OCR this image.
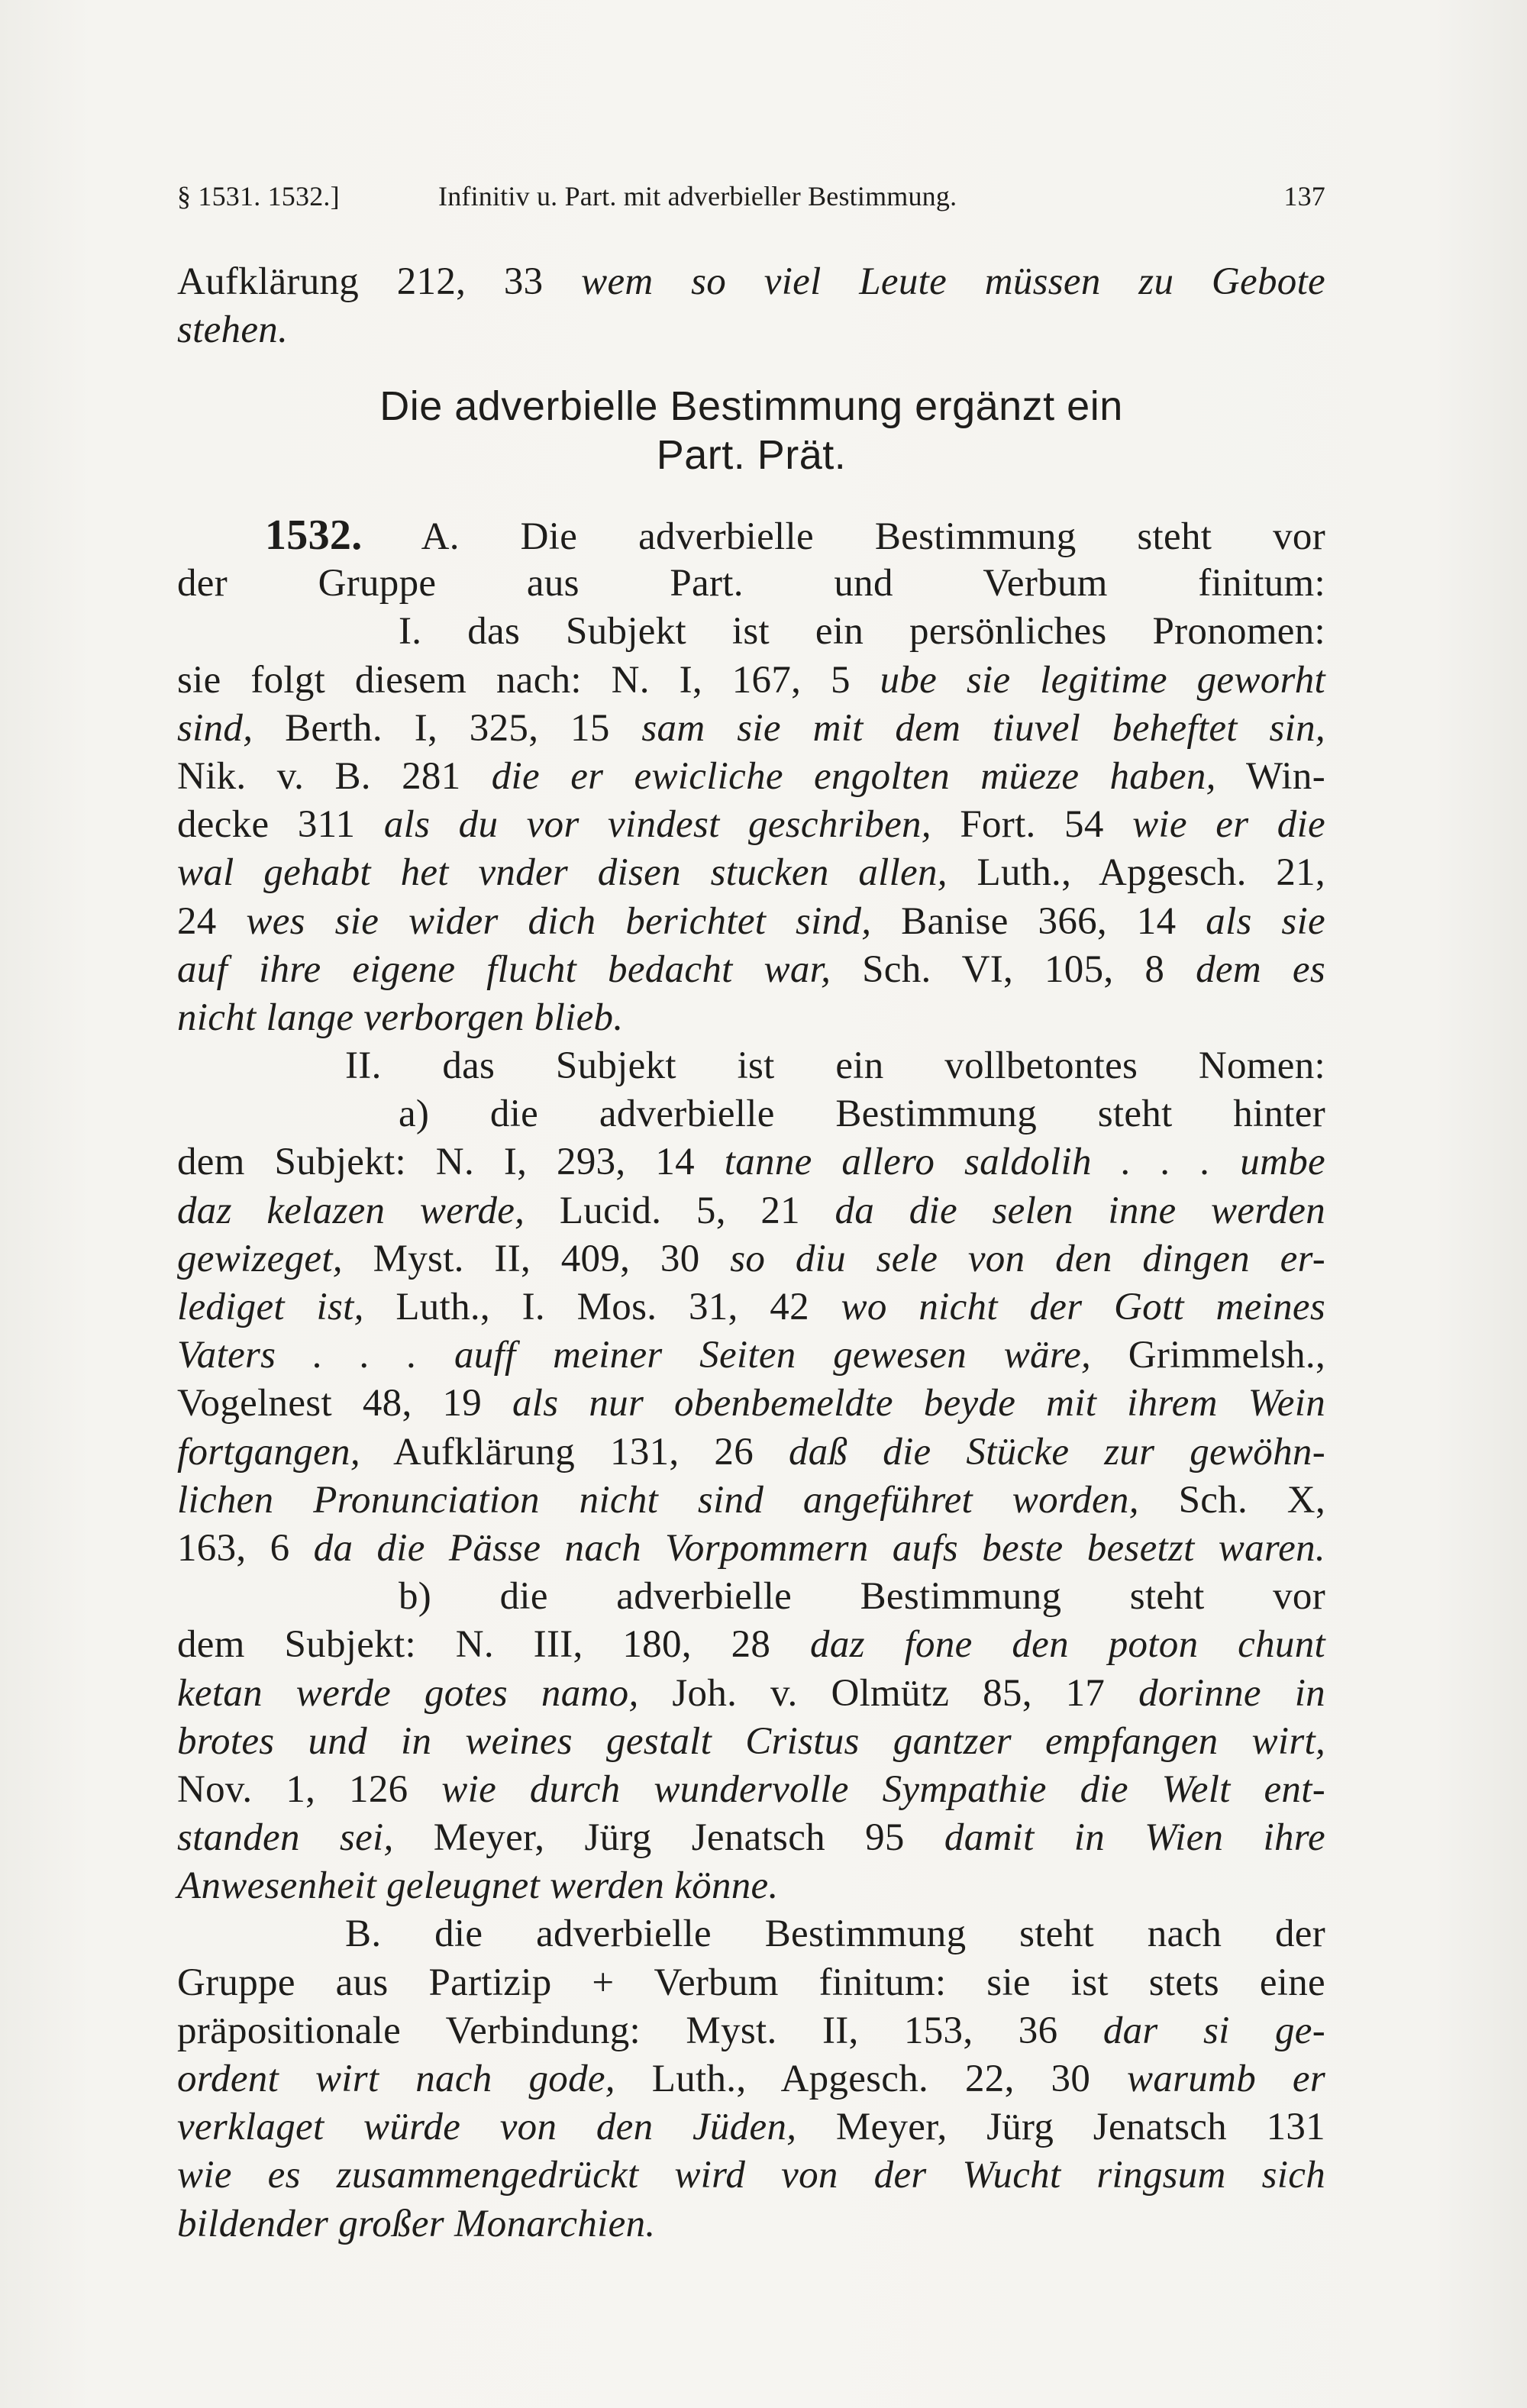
§ 1531. 1532.]	Infinitiv u. Part. mit adverbieller Bestimmung.	137
Aufklärung 212, 33 wem so viel Leute müssen zu Gebote
stehen.
Die adverbielle Bestimmung ergänzt ein
Part. Prät.
1532. A. Die adverbielle Bestimmung steht vor
der Gruppe aus Part. und Verbum finitum:
I. das Subjekt ist ein persönliches Pronomen:
sie folgt diesem nach: N. I, 167, 5 ube sie legitime geworht
sind, Berth. I, 325, 15 sam sie mit dem tiuvel beheftet sin,
Nik. v. B. 281 die er ewicliche engolten müeze haben, Win-
decke 311 als du vor vindest geschriben, Fort. 54 wie er die
wal gehabt het vnder disen stucken allen, Luth., Apgesch. 21,
24 wes sie wider dich berichtet sind, Banise 366, 14 als sie
auf ihre eigene flucht bedacht war, Sch. VI, 105, 8 dem es
nicht lange verborgen blieb.
II. das Subjekt ist ein vollbetontes Nomen:
a) die adverbielle Bestimmung steht hinter
dem Subjekt: N. I, 293, 14 tanne allero saldolih . . . umbe
daz kelazen werde, Lucid. 5, 21 da die selen inne werden
gewizeget, Myst. II, 409, 30 so diu sele von den dingen er-
lediget ist, Luth., I. Mos. 31, 42 wo nicht der Gott meines
Vaters . . . auff meiner Seiten gewesen wäre, Grimmelsh.,
Vogelnest 48, 19 als nur obenbemeldte beyde mit ihrem Wein
fortgangen, Aufklärung 131, 26 daß die Stücke zur gewöhn-
lichen Pronunciation nicht sind angeführet worden, Sch. X,
163, 6 da die Pässe nach Vorpommern aufs beste besetzt waren.
b) die adverbielle Bestimmung steht vor
dem Subjekt: N. III, 180, 28 daz fone den poton chunt
ketan werde gotes namo, Joh. v. Olmütz 85, 17 dorinne in
brotes und in weines gestalt Cristus gantzer empfangen wirt,
Nov. 1, 126 wie durch wundervolle Sympathie die Welt ent-
standen sei, Meyer, Jürg Jenatsch 95 damit in Wien ihre
Anwesenheit geleugnet werden könne.
B. die adverbielle Bestimmung steht nach der
Gruppe aus Partizip + Verbum finitum: sie ist stets eine
präpositionale Verbindung: Myst. II, 153, 36 dar si ge-
ordent wirt nach gode, Luth., Apgesch. 22, 30 warumb er
verklaget würde von den Jüden, Meyer, Jürg Jenatsch 131
wie es zusammengedrückt wird von der Wucht ringsum sich
bildender großer Monarchien.
